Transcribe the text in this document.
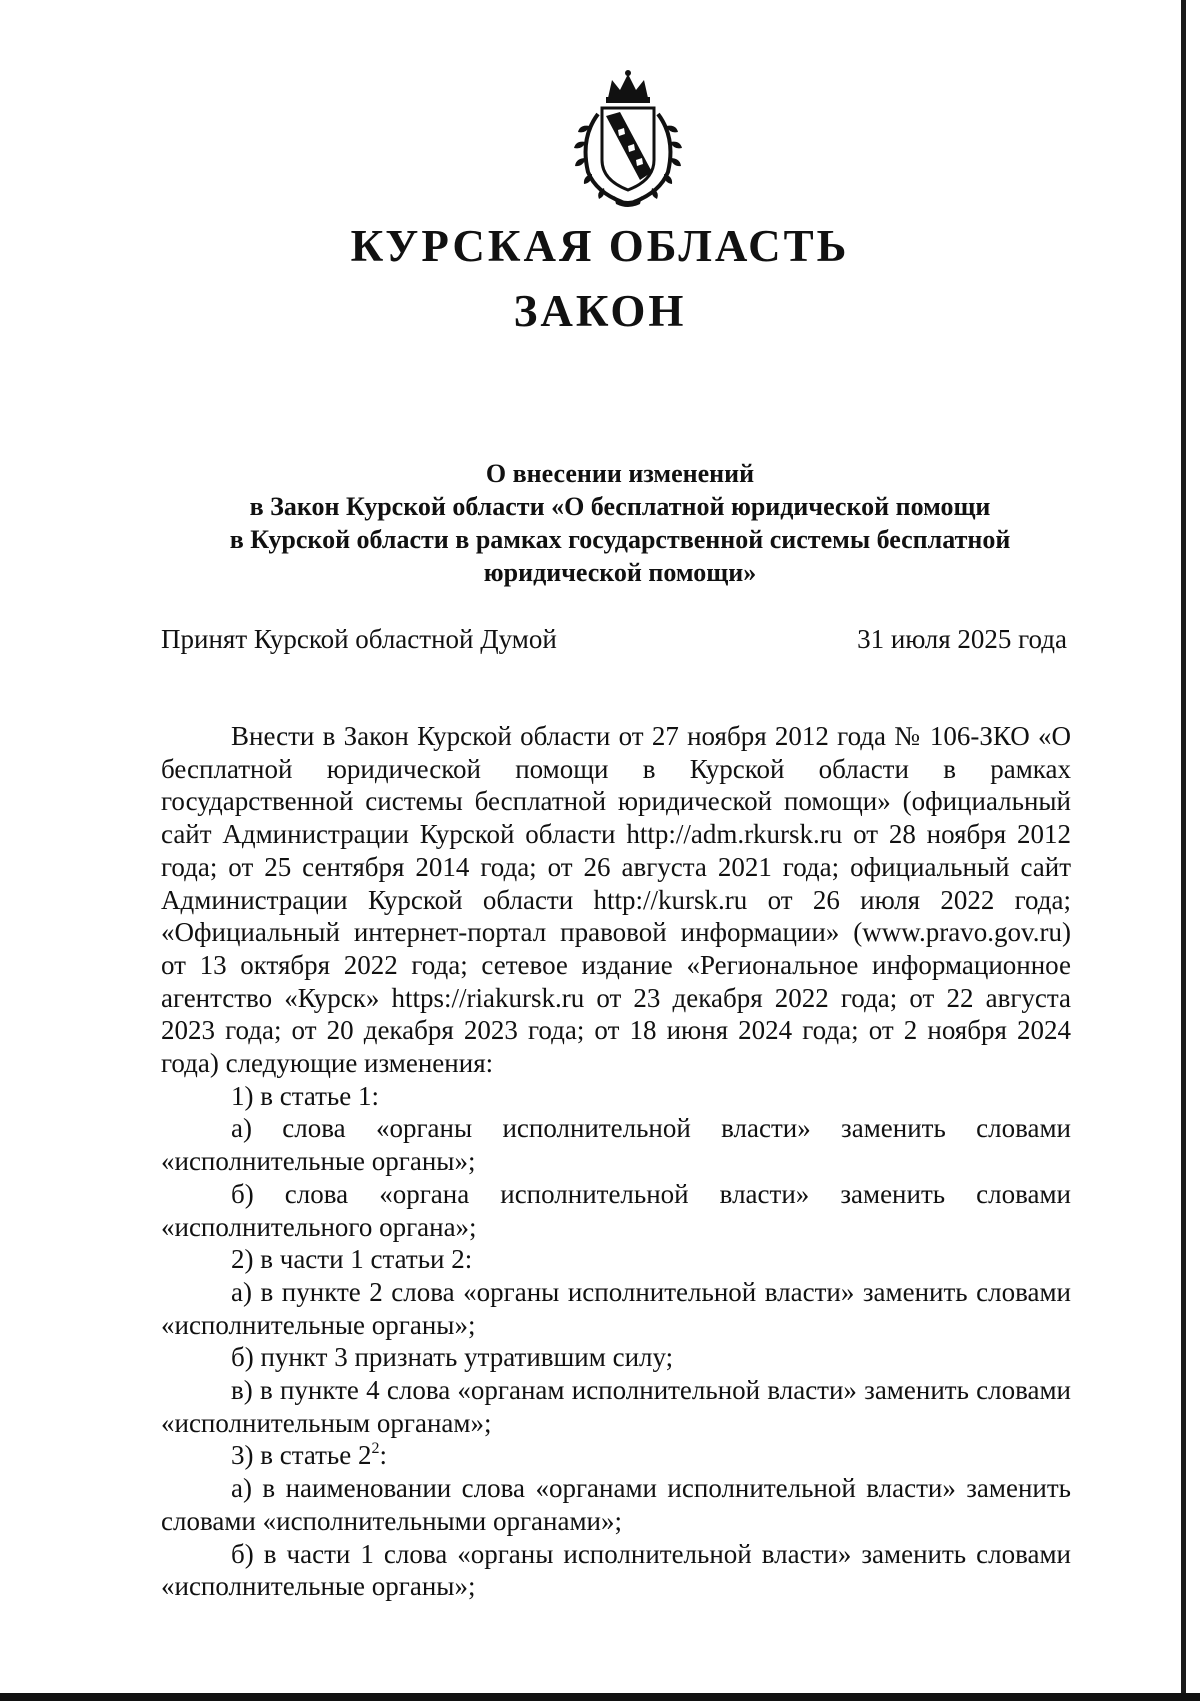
КУРСКАЯ ОБЛАСТЬ
ЗАКОН
О внесении изменений
в Закон Курской области «О бесплатной юридической помощи
в Курской области в рамках государственной системы бесплатной
юридической помощи»
Принят Курской областной Думой	31 июля 2025 года

Внести в Закон Курской области от 27 ноября 2012 года № 106-ЗКО «О бесплатной юридической помощи в Курской области в рамках государственной системы бесплатной юридической помощи» (официальный сайт Администрации Курской области http://adm.rkursk.ru от 28 ноября 2012 года; от 25 сентября 2014 года; от 26 августа 2021 года; официальный сайт Администрации Курской области http://kursk.ru от 26 июля 2022 года; «Официальный интернет-портал правовой информации» (www.pravo.gov.ru) от 13 октября 2022 года; сетевое издание «Региональное информационное агентство «Курск» https://riakursk.ru от 23 декабря 2022 года; от 22 августа 2023 года; от 20 декабря 2023 года; от 18 июня 2024 года; от 2 ноября 2024 года) следующие изменения:

1) в статье 1:

а) слова «органы исполнительной власти» заменить словами «исполнительные органы»;

б) слова «органа исполнительной власти» заменить словами «исполнительного органа»;

2) в части 1 статьи 2:

а) в пункте 2 слова «органы исполнительной власти» заменить словами «исполнительные органы»;

б) пункт 3 признать утратившим силу;

в) в пункте 4 слова «органам исполнительной власти» заменить словами «исполнительным органам»;

3) в статье $2^2$:

а) в наименовании слова «органами исполнительной власти» заменить словами «исполнительными органами»;

б) в части 1 слова «органы исполнительной власти» заменить словами «исполнительные органы»;
